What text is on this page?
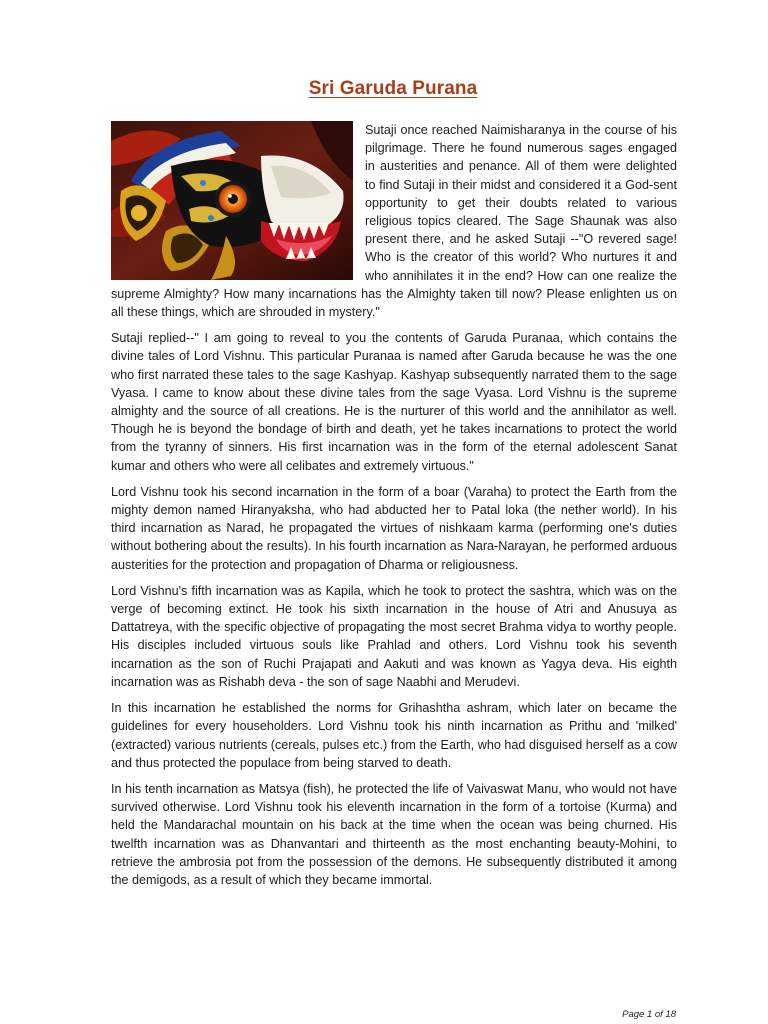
Sri Garuda Purana

Sutaji once reached Naimisharanya in the course of his pilgrimage. There he found numerous sages engaged in austerities and penance. All of them were delighted to find Sutaji in their midst and considered it a God-sent opportunity to get their doubts related to various religious topics cleared. The Sage Shaunak was also present there, and he asked Sutaji --"O revered sage! Who is the creator of this world? Who nurtures it and who annihilates it in the end? How can one realize the supreme Almighty? How many incarnations has the Almighty taken till now? Please enlighten us on all these things, which are shrouded in mystery."

Sutaji replied--" I am going to reveal to you the contents of Garuda Puranaa, which contains the divine tales of Lord Vishnu. This particular Puranaa is named after Garuda because he was the one who first narrated these tales to the sage Kashyap. Kashyap subsequently narrated them to the sage Vyasa. I came to know about these divine tales from the sage Vyasa. Lord Vishnu is the supreme almighty and the source of all creations. He is the nurturer of this world and the annihilator as well. Though he is beyond the bondage of birth and death, yet he takes incarnations to protect the world from the tyranny of sinners. His first incarnation was in the form of the eternal adolescent Sanat kumar and others who were all celibates and extremely virtuous."

Lord Vishnu took his second incarnation in the form of a boar (Varaha) to protect the Earth from the mighty demon named Hiranyaksha, who had abducted her to Patal loka (the nether world). In his third incarnation as Narad, he propagated the virtues of nishkaam karma (performing one's duties without bothering about the results). In his fourth incarnation as Nara-Narayan, he performed arduous austerities for the protection and propagation of Dharma or religiousness.

Lord Vishnu's fifth incarnation was as Kapila, which he took to protect the sashtra, which was on the verge of becoming extinct. He took his sixth incarnation in the house of Atri and Anusuya as Dattatreya, with the specific objective of propagating the most secret Brahma vidya to worthy people. His disciples included virtuous souls like Prahlad and others. Lord Vishnu took his seventh incarnation as the son of Ruchi Prajapati and Aakuti and was known as Yagya deva. His eighth incarnation was as Rishabh deva - the son of sage Naabhi and Merudevi.

In this incarnation he established the norms for Grihashtha ashram, which later on became the guidelines for every householders. Lord Vishnu took his ninth incarnation as Prithu and 'milked' (extracted) various nutrients (cereals, pulses etc.) from the Earth, who had disguised herself as a cow and thus protected the populace from being starved to death.

In his tenth incarnation as Matsya (fish), he protected the life of Vaivaswat Manu, who would not have survived otherwise. Lord Vishnu took his eleventh incarnation in the form of a tortoise (Kurma) and held the Mandarachal mountain on his back at the time when the ocean was being churned. His twelfth incarnation was as Dhanvantari and thirteenth as the most enchanting beauty-Mohini, to retrieve the ambrosia pot from the possession of the demons. He subsequently distributed it among the demigods, as a result of which they became immortal.

Page 1 of 18
